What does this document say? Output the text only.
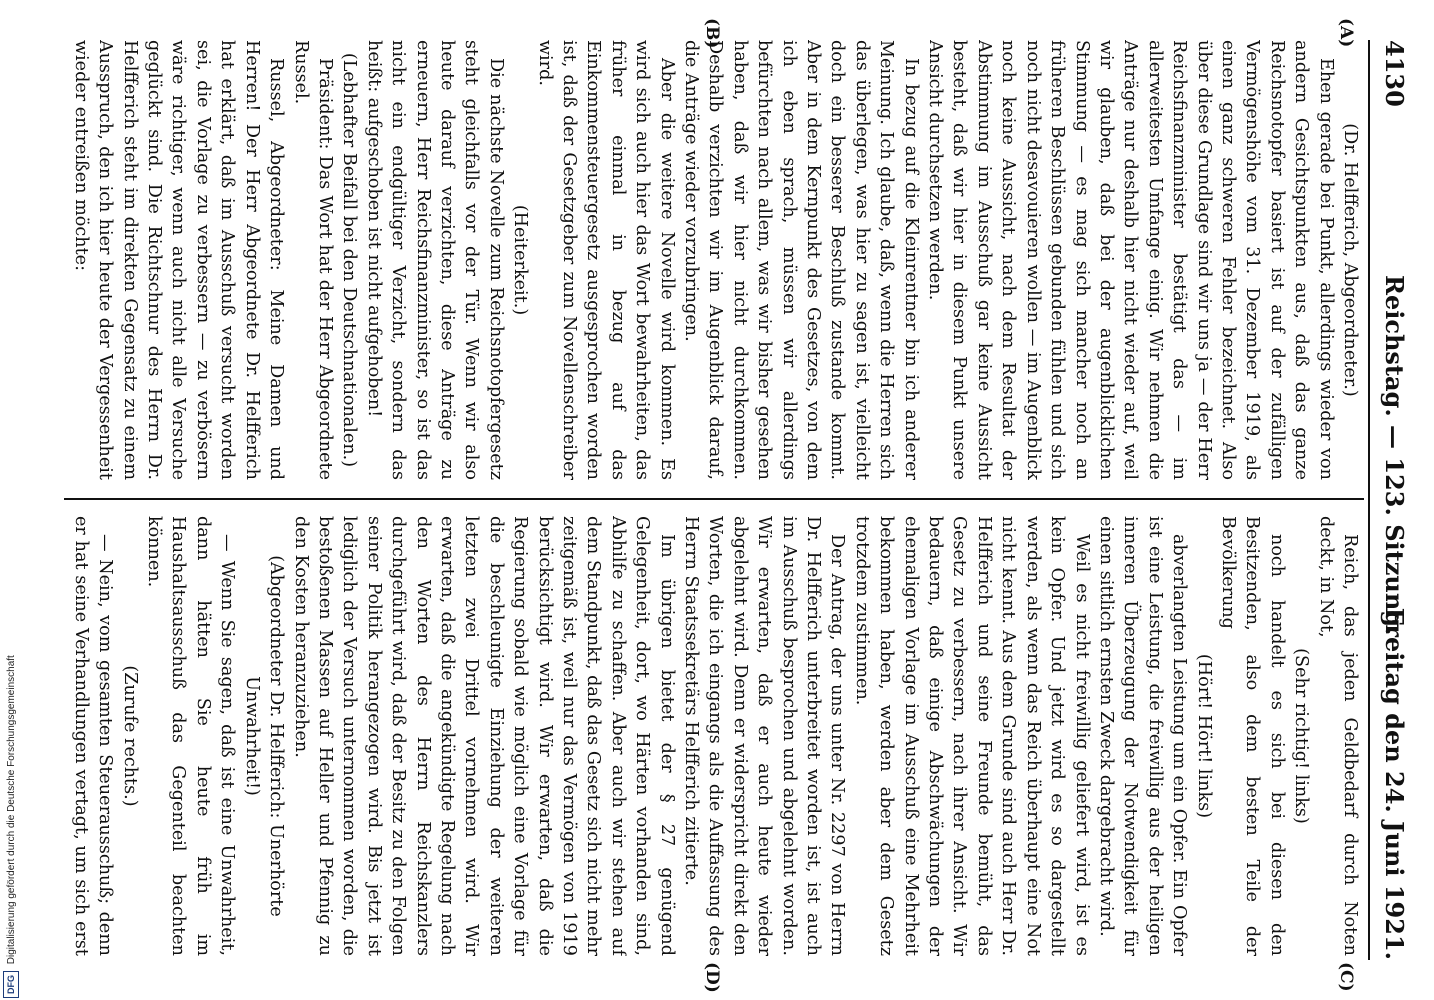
4130
Reichstag. — 123. Sitzung.
Freitag den 24. Juni 1921.
(A)
(B)
(C)
(D)

(Dr. Helfferich, Abgeordneter.)

Ehen gerade bei Punkt, allerdings wieder von andern Gesichtspunkten aus, daß das ganze Reichsnotopfer basiert ist auf der zufälligen Vermögenshöhe vom 31. Dezember 1919, als einen ganz schweren Fehler bezeichnet. Also über diese Grundlage sind wir uns ja — der Herr Reichsfinanzminister bestätigt das — im allerweitesten Umfange einig. Wir nehmen die Anträge nur deshalb hier nicht wieder auf, weil wir glauben, daß bei der augenblicklichen Stimmung — es mag sich mancher noch an früheren Beschlüssen gebunden fühlen und sich noch nicht desavouieren wollen — im Augenblick noch keine Aussicht, nach dem Resultat der Abstimmung im Ausschuß gar keine Aussicht besteht, daß wir hier in diesem Punkt unsere Ansicht durchsetzen werden.

In bezug auf die Kleinrentner bin ich anderer Meinung. Ich glaube, daß, wenn die Herren sich das überlegen, was hier zu sagen ist, vielleicht doch ein besserer Beschluß zustande kommt. Aber in dem Kernpunkt des Gesetzes, von dem ich eben sprach, müssen wir allerdings befürchten nach allem, was wir bisher gesehen haben, daß wir hier nicht durchkommen. Deshalb verzichten wir im Augenblick darauf, die Anträge wieder vorzubringen.

Aber die weitere Novelle wird kommen. Es wird sich auch hier das Wort bewahrheiten, das früher einmal in bezug auf das Einkommensteuergesetz ausgesprochen worden ist, daß der Gesetzgeber zum Novellenschreiber wird.

(Heiterkeit.)

Die nächste Novelle zum Reichsnotopfergesetz steht gleichfalls vor der Tür. Wenn wir also heute darauf verzichten, diese Anträge zu erneuern, Herr Reichsfinanzminister, so ist das nicht ein endgültiger Verzicht, sondern das heißt: aufgeschoben ist nicht aufgehoben!

(Lebhafter Beifall bei den Deutschnationalen.)

Präsident: Das Wort hat der Herr Abgeordnete Russel.

Russel, Abgeordneter: Meine Damen und Herren! Der Herr Abgeordnete Dr. Helfferich hat erklärt, daß im Ausschuß versucht worden sei, die Vorlage zu verbessern — zu verbösern wäre richtiger, wenn auch nicht alle Versuche geglückt sind. Die Richtschnur des Herrn Dr. Helfferich steht im direkten Gegensatz zu einem Ausspruch, den ich hier heute der Vergessenheit wieder entreißen möchte:

Reich, das jeden Geldbedarf durch Noten deckt, in Not,

(Sehr richtig! links)

noch handelt es sich bei diesen den Besitzenden, also dem besten Teile der Bevölkerung

(Hört! Hört! links)

abverlangten Leistung um ein Opfer. Ein Opfer ist eine Leistung, die freiwillig aus der heiligen inneren Überzeugung der Notwendigkeit für einen sittlich ernsten Zweck dargebracht wird.

Weil es nicht freiwillig geliefert wird, ist es kein Opfer. Und jetzt wird es so dargestellt werden, als wenn das Reich überhaupt eine Not nicht kennt. Aus dem Grunde sind auch Herr Dr. Helfferich und seine Freunde bemüht, das Gesetz zu verbessern, nach ihrer Ansicht. Wir bedauern, daß einige Abschwächungen der ehemaligen Vorlage im Ausschuß eine Mehrheit bekommen haben, werden aber dem Gesetz trotzdem zustimmen.

Der Antrag, der uns unter Nr. 2297 von Herrn Dr. Helfferich unterbreitet worden ist, ist auch im Ausschuß besprochen und abgelehnt worden. Wir erwarten, daß er auch heute wieder abgelehnt wird. Denn er widerspricht direkt den Worten, die ich eingangs als die Auffassung des Herrn Staatssekretärs Helfferich zitierte.

Im übrigen bietet der § 27 genügend Gelegenheit, dort, wo Härten vorhanden sind, Abhilfe zu schaffen. Aber auch wir stehen auf dem Standpunkt, daß das Gesetz sich nicht mehr zeitgemäß ist, weil nur das Vermögen von 1919 berücksichtigt wird. Wir erwarten, daß die Regierung sobald wie möglich eine Vorlage für die beschleunigte Einziehung der weiteren letzten zwei Drittel vornehmen wird. Wir erwarten, daß die angekündigte Regelung nach den Worten des Herrn Reichskanzlers durchgeführt wird, daß der Besitz zu den Folgen seiner Politik herangezogen wird. Bis jetzt ist lediglich der Versuch unternommen worden, die bestoßenen Massen auf Heller und Pfennig zu den Kosten heranzuziehen.

(Abgeordneter Dr. Helfferich: Unerhörte Unwahrheit!)

— Wenn Sie sagen, daß ist eine Unwahrheit, dann hätten Sie heute früh im Haushaltsausschuß das Gegenteil beachten können.

(Zurufe rechts.)

— Nein, vom gesamten Steuerausschuß; denn er hat seine Verhandlungen vertagt, um sich erst

DFG Digitalisierung gefördert durch die Deutsche Forschungsgemeinschaft
